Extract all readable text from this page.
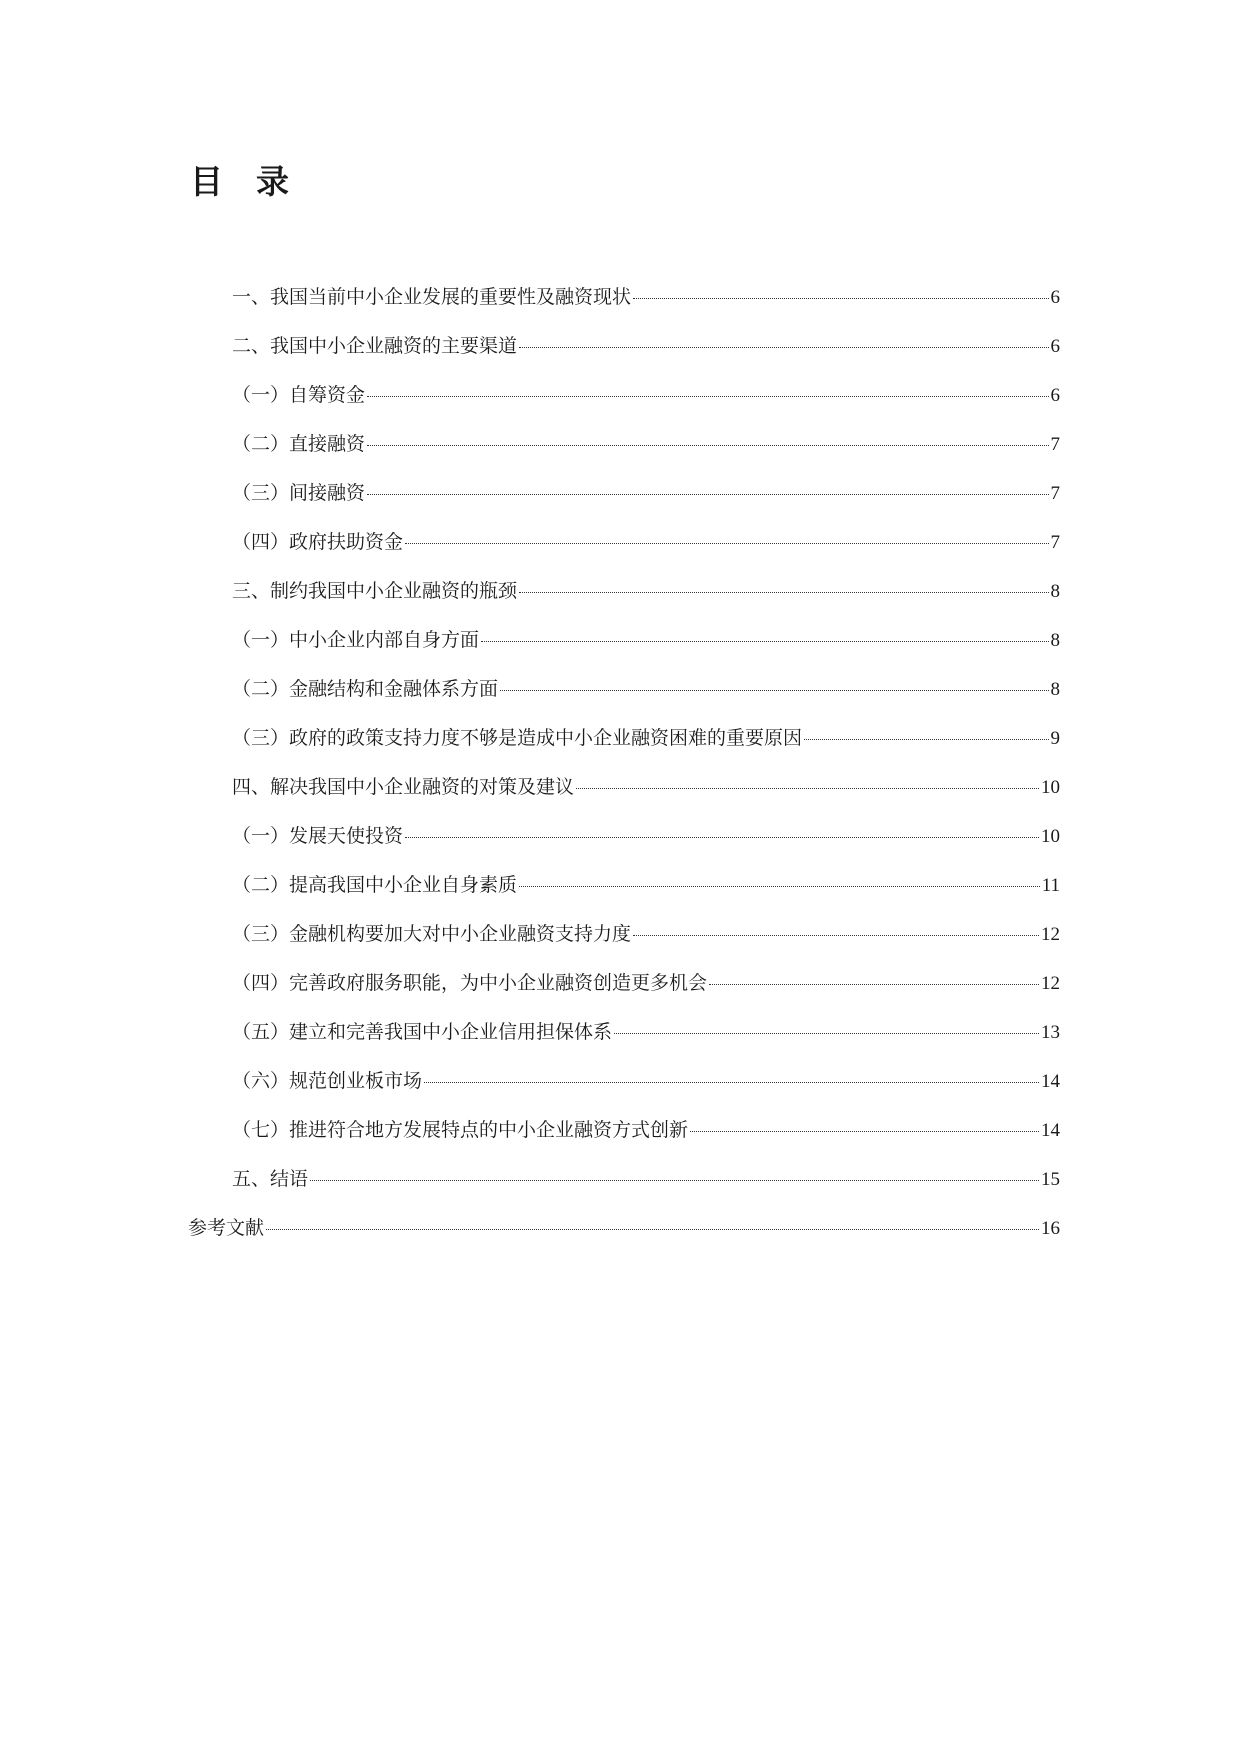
目　录
一、我国当前中小企业发展的重要性及融资现状	6
二、我国中小企业融资的主要渠道	6
（一）自筹资金	6
（二）直接融资	7
（三）间接融资	7
（四）政府扶助资金	7
三、制约我国中小企业融资的瓶颈	8
（一）中小企业内部自身方面	8
（二）金融结构和金融体系方面	8
（三）政府的政策支持力度不够是造成中小企业融资困难的重要原因	9
四、解决我国中小企业融资的对策及建议	10
（一）发展天使投资	10
（二）提高我国中小企业自身素质	11
（三）金融机构要加大对中小企业融资支持力度	12
（四）完善政府服务职能，为中小企业融资创造更多机会	12
（五）建立和完善我国中小企业信用担保体系	13
（六）规范创业板市场	14
（七）推进符合地方发展特点的中小企业融资方式创新	14
五、结语	15
参考文献	16
